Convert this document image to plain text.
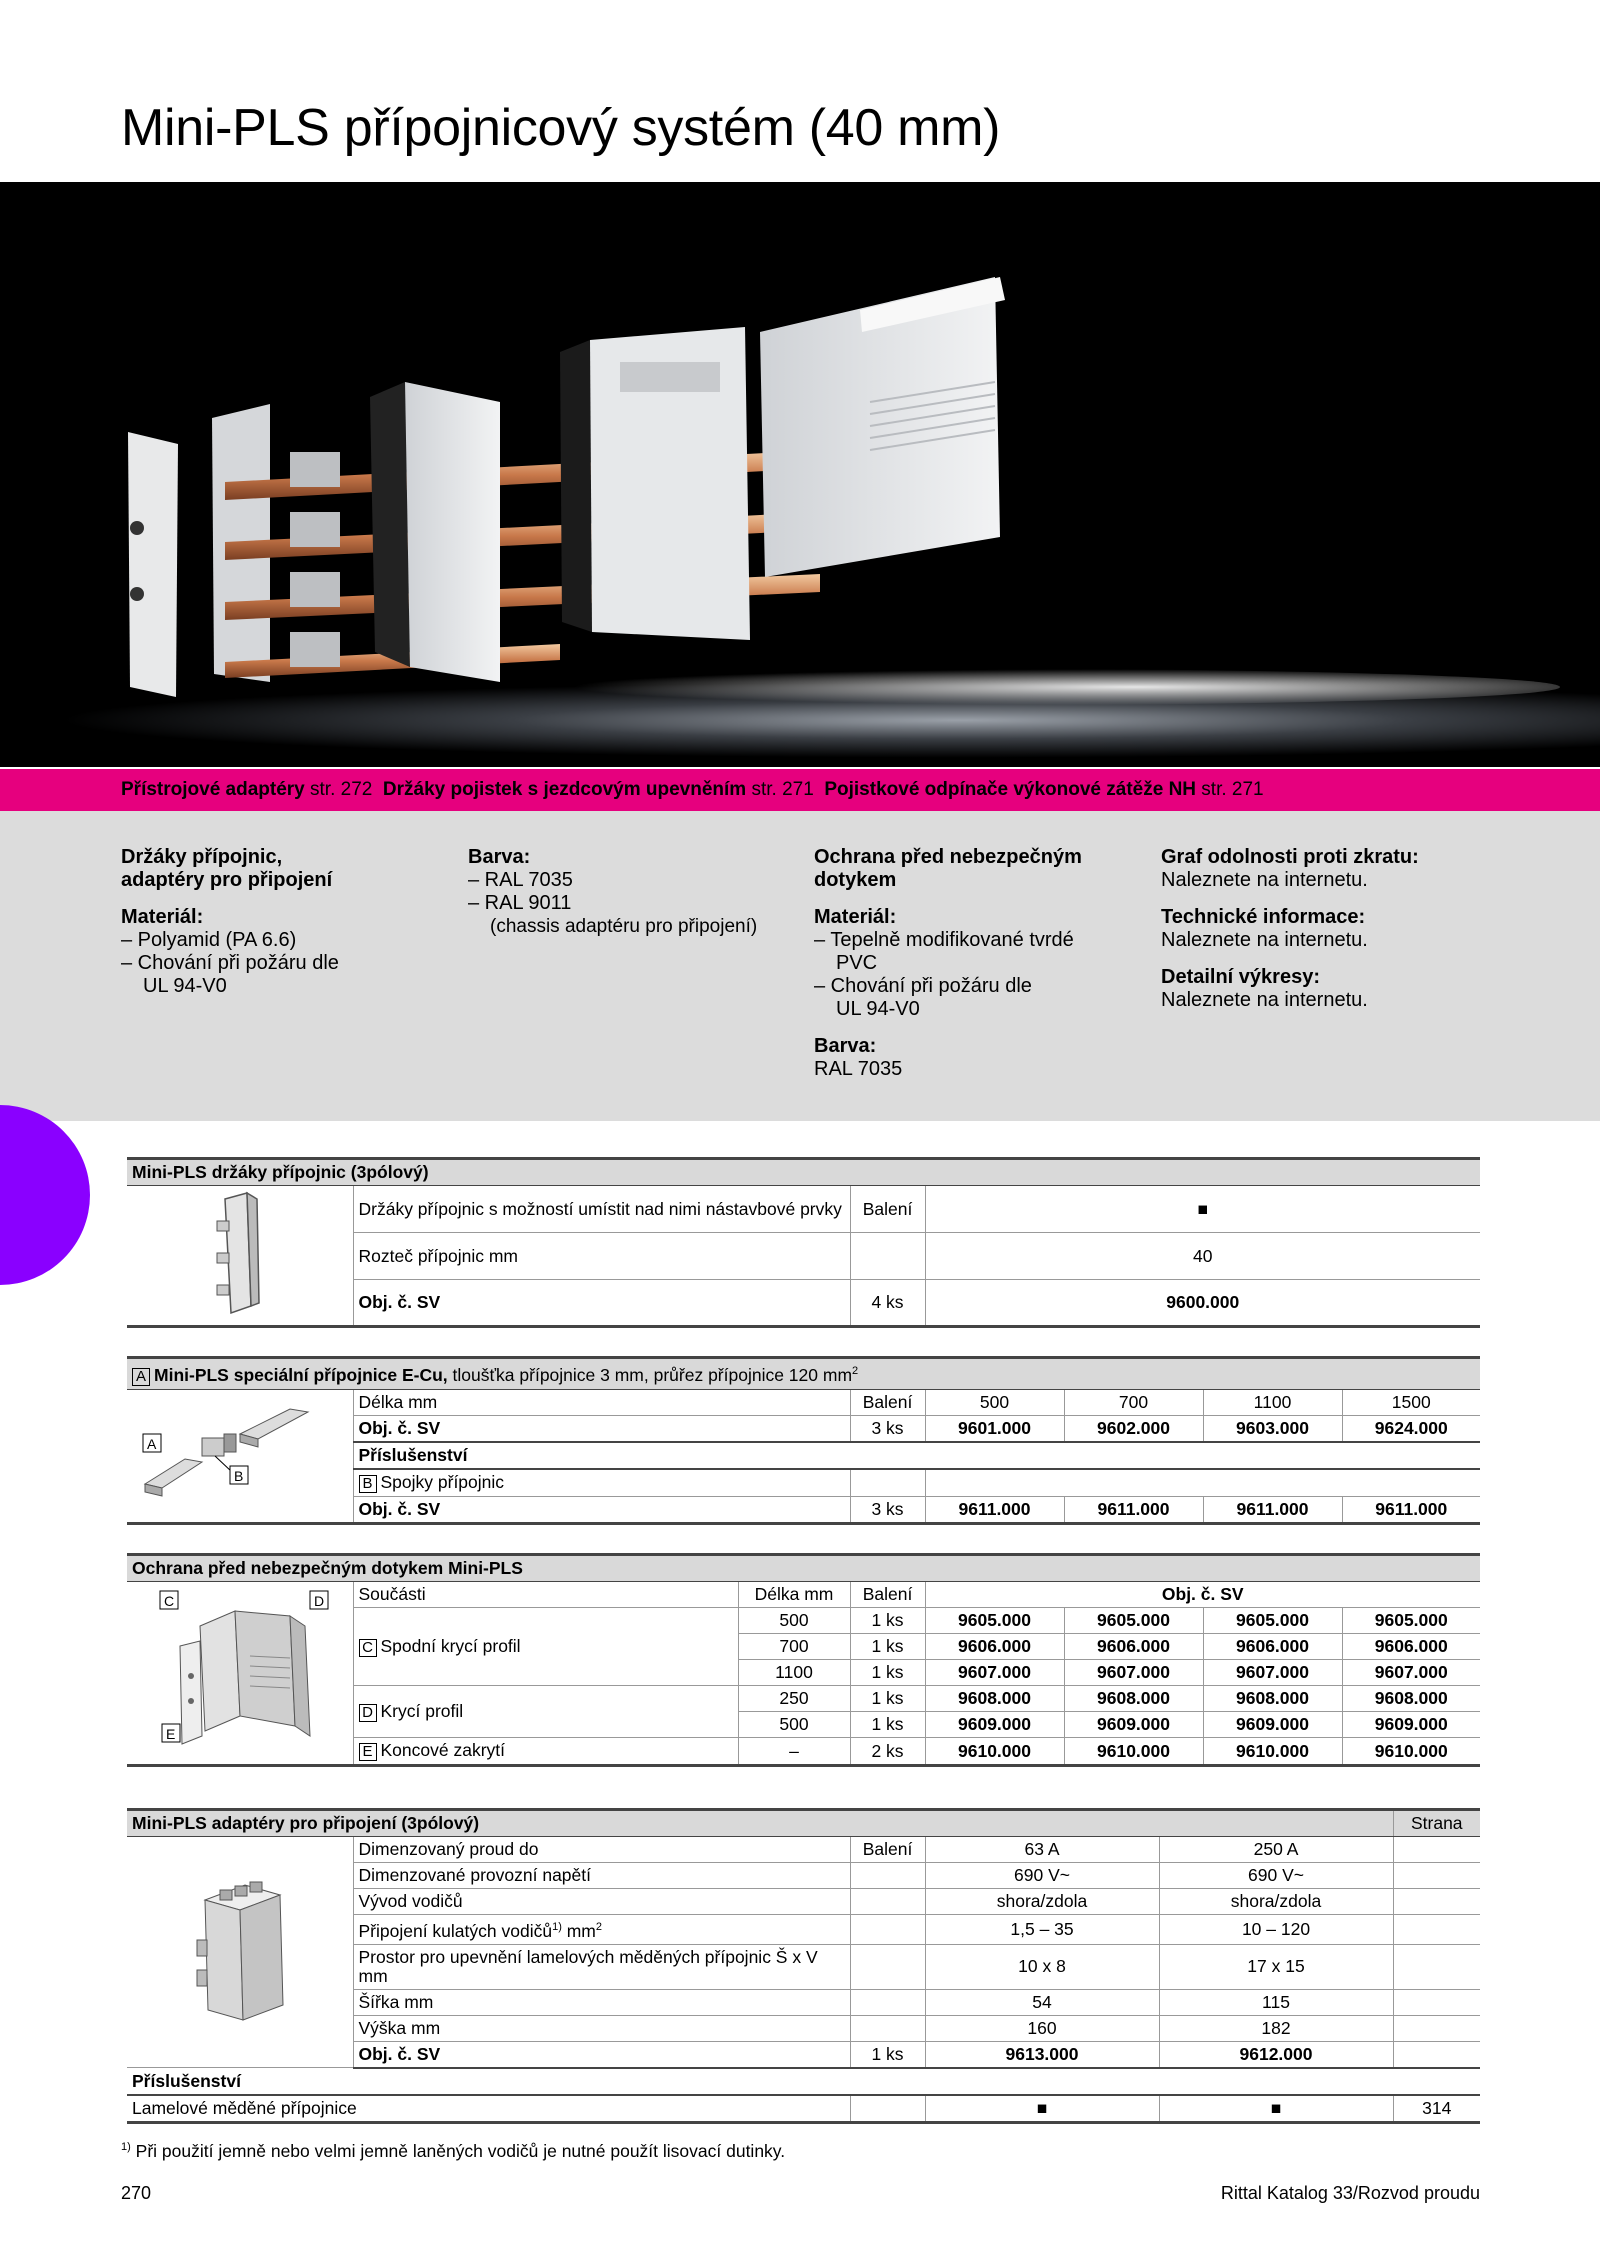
Mini-PLS přípojnicový systém (40 mm)
Přístrojové adaptéry str. 272 Držáky pojistek s jezdcovým upevněním str. 271 Pojistkové odpínače výkonové zátěže NH str. 271
Držáky přípojnic,
adaptéry pro připojení
Materiál:
– Polyamid (PA 6.6)
– Chování při požáru dle
UL 94-V0
Barva:
– RAL 7035
– RAL 9011
(chassis adaptéru pro připojení)
Ochrana před nebezpečným
dotykem
Materiál:
– Tepelně modifikované tvrdé
PVC
– Chování při požáru dle
UL 94-V0
Barva:
RAL 7035
Graf odolnosti proti zkratu:
Naleznete na internetu.
Technické informace:
Naleznete na internetu.
Detailní výkresy:
Naleznete na internetu.
Mini-PLS držáky přípojnic (3pólový)			
	Držáky přípojnic s možností umístit nad nimi nástavbové prvky	Balení	■
	Rozteč přípojnic mm		40
	Obj. č. SV	4 ks	9600.000
A Mini-PLS speciální přípojnice E-Cu, tloušťka přípojnice 3 mm, průřez přípojnice 120 $mm^2$

A
B	Délka mm	Balení	500	700	1100	1500
	Obj. č. SV	3 ks	9601.000	9602.000	9603.000	9624.000
	Příslušenství					
	B Spojky přípojnic					
	Obj. č. SV	3 ks	9611.000	9611.000	9611.000	9611.000
Ochrana před nebezpečným dotykem Mini-PLS							

C D
E	Součásti	Délka mm	Balení	Obj. č. SV			
	C Spodní krycí profil	500	1 ks	9605.000	9605.000	9605.000	9605.000
		700	1 ks	9606.000	9606.000	9606.000	9606.000
		1100	1 ks	9607.000	9607.000	9607.000	9607.000
	D Krycí profil	250	1 ks	9608.000	9608.000	9608.000	9608.000
		500	1 ks	9609.000	9609.000	9609.000	9609.000
	E Koncové zakrytí	–	2 ks	9610.000	9610.000	9610.000	9610.000
Mini-PLS adaptéry pro připojení (3pólový)					Strana
	Dimenzovaný proud do	Balení	63 A	250 A	
	Dimenzované provozní napětí		690 V~	690 V~	
	Vývod vodičů		shora/zdola	shora/zdola	
	Připojení kulatých vodičů$^{1)}$ $mm^2$		1,5 – 35	10 – 120	
	Prostor pro upevnění lamelových měděných přípojnic Š x V mm		10 x 8	17 x 15	
	Šířka mm		54	115	
	Výška mm		160	182	
	Obj. č. SV	1 ks	9613.000	9612.000	
Příslušenství					
Lamelové měděné přípojnice			■	■	314
$^{1)}$ Při použití jemně nebo velmi jemně laněných vodičů je nutné použít lisovací dutinky.
270	Rittal Katalog 33/Rozvod proudu
